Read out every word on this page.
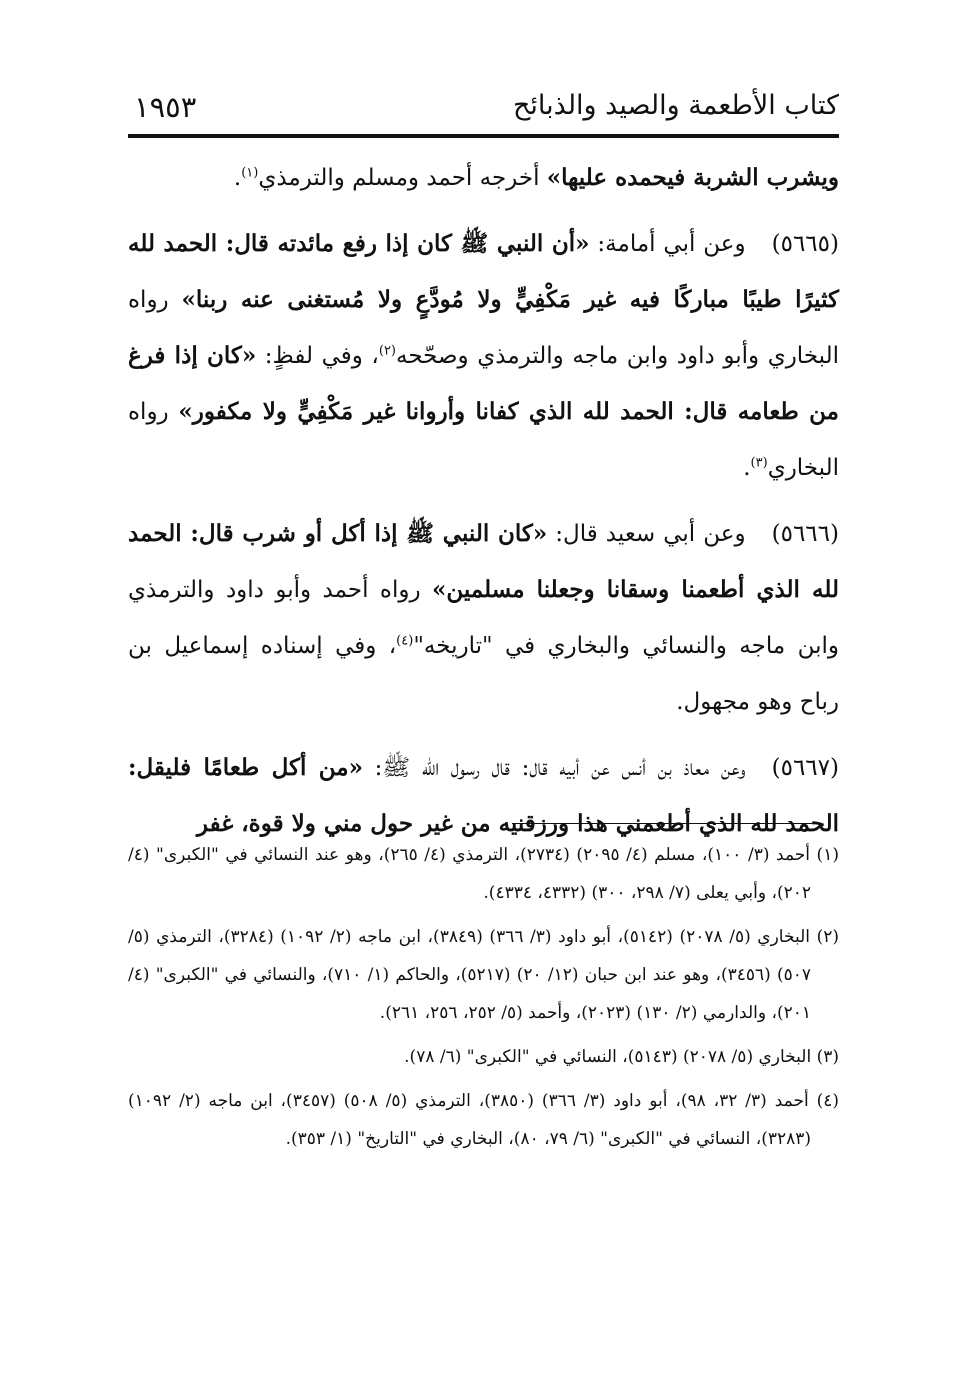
كتاب الأطعمة والصيد والذبائح
١٩٥٣

ويشرب الشربة فيحمده عليها» أخرجه أحمد ومسلم والترمذي$^{(١)}$.

(٥٦٦٥)وعن أبي أمامة: «أن النبي ﷺ كان إذا رفع مائدته قال: الحمد لله كثيرًا طيبًا مباركًا فيه غير مَكْفِيٍّ ولا مُودَّعٍ ولا مُستغنى عنه ربنا» رواه البخاري وأبو داود وابن ماجه والترمذي وصحّحه$^{(٢)}$، وفي لفظٍ: «كان إذا فرغ من طعامه قال: الحمد لله الذي كفانا وأروانا غير مَكْفِيٍّ ولا مكفور» رواه البخاري$^{(٣)}$.

(٥٦٦٦)وعن أبي سعيد قال: «كان النبي ﷺ إذا أكل أو شرب قال: الحمد لله الذي أطعمنا وسقانا وجعلنا مسلمين» رواه أحمد وأبو داود والترمذي وابن ماجه والنسائي والبخاري في "تاريخه"$^{(٤)}$، وفي إسناده إسماعيل بن رباح وهو مجهول.

(٥٦٦٧)وعن معاذ بن أنس عن أبيه قال: قال رسول الله ﷺ: «من أكل طعامًا فليقل: الحمد لله الذي أطعمني هذا ورزقنيه من غير حول مني ولا قوة، غفر

(١) أحمد (٣/ ١٠٠)، مسلم (٤/ ٢٠٩٥) (٢٧٣٤)، الترمذي (٤/ ٢٦٥)، وهو عند النسائي في "الكبرى" (٤/ ٢٠٢)، وأبي يعلى (٧/ ٢٩٨، ٣٠٠) (٤٣٣٢، ٤٣٣٤).

(٢) البخاري (٥/ ٢٠٧٨) (٥١٤٢)، أبو داود (٣/ ٣٦٦) (٣٨٤٩)، ابن ماجه (٢/ ١٠٩٢) (٣٢٨٤)، الترمذي (٥/ ٥٠٧) (٣٤٥٦)، وهو عند ابن حبان (١٢/ ٢٠) (٥٢١٧)، والحاكم (١/ ٧١٠)، والنسائي في "الكبرى" (٤/ ٢٠١)، والدارمي (٢/ ١٣٠) (٢٠٢٣)، وأحمد (٥/ ٢٥٢، ٢٥٦، ٢٦١).

(٣) البخاري (٥/ ٢٠٧٨) (٥١٤٣)، النسائي في "الكبرى" (٦/ ٧٨).

(٤) أحمد (٣/ ٣٢، ٩٨)، أبو داود (٣/ ٣٦٦) (٣٨٥٠)، الترمذي (٥/ ٥٠٨) (٣٤٥٧)، ابن ماجه (٢/ ١٠٩٢) (٣٢٨٣)، النسائي في "الكبرى" (٦/ ٧٩، ٨٠)، البخاري في "التاريخ" (١/ ٣٥٣).
